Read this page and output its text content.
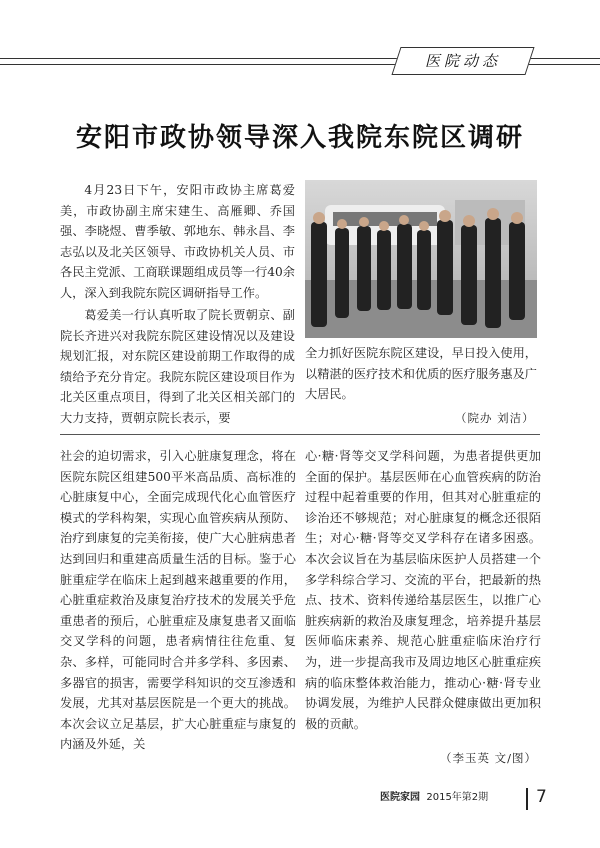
医院动态
安阳市政协领导深入我院东院区调研

4月23日下午，安阳市政协主席葛爱美，市政协副主席宋建生、高雁卿、乔国强、李晓煜、曹季敏、郭地东、韩永昌、李志弘以及北关区领导、市政协机关人员、市各民主党派、工商联课题组成员等一行40余人，深入到我院东院区调研指导工作。

葛爱美一行认真听取了院长贾朝京、副院长齐进兴对我院东院区建设情况以及建设规划汇报，对东院区建设前期工作取得的成绩给予充分肯定。我院东院区建设项目作为北关区重点项目，得到了北关区相关部门的大力支持，贾朝京院长表示，要

全力抓好医院东院区建设，早日投入使用，以精湛的医疗技术和优质的医疗服务惠及广大居民。

（院办 刘洁）

社会的迫切需求，引入心脏康复理念，将在医院东院区组建500平米高品质、高标准的心脏康复中心，全面完成现代化心血管医疗模式的学科构架，实现心血管疾病从预防、治疗到康复的完美衔接，使广大心脏病患者达到回归和重建高质量生活的目标。鉴于心脏重症学在临床上起到越来越重要的作用，心脏重症救治及康复治疗技术的发展关乎危重患者的预后，心脏重症及康复患者又面临交叉学科的问题，患者病情往往危重、复杂、多样，可能同时合并多学科、多因素、多器官的损害，需要学科知识的交互渗透和发展，尤其对基层医院是一个更大的挑战。本次会议立足基层，扩大心脏重症与康复的内涵及外延，关

心·糖·肾等交叉学科问题，为患者提供更加全面的保护。基层医师在心血管疾病的防治过程中起着重要的作用，但其对心脏重症的诊治还不够规范；对心脏康复的概念还很陌生；对心·糖·肾等交叉学科存在诸多困惑。本次会议旨在为基层临床医护人员搭建一个多学科综合学习、交流的平台，把最新的热点、技术、资料传递给基层医生，以推广心脏疾病新的救治及康复理念，培养提升基层医师临床素养、规范心脏重症临床治疗行为，进一步提高我市及周边地区心脏重症疾病的临床整体救治能力，推动心·糖·肾专业协调发展，为维护人民群众健康做出更加积极的贡献。

（李玉英 文/图）
医院家园 2015年第2期	7
